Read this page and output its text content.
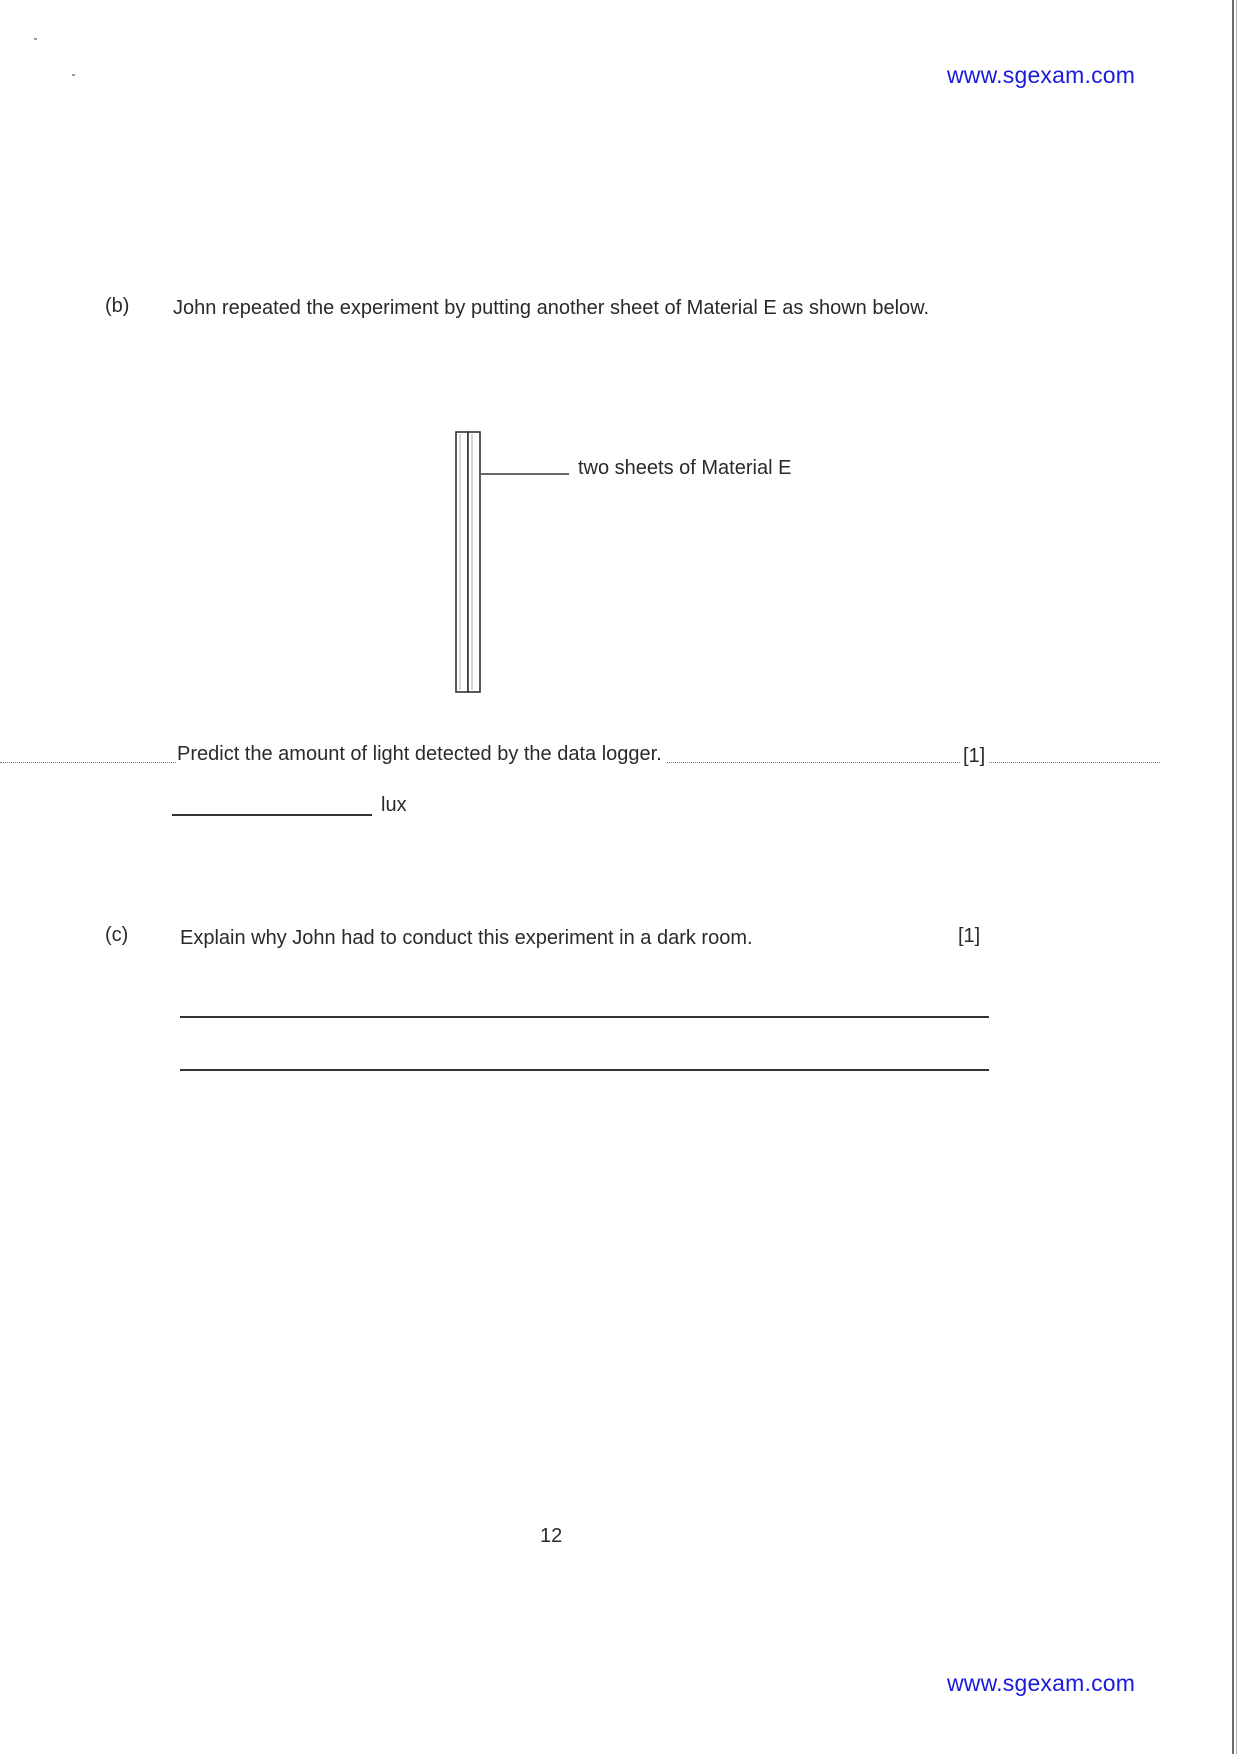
www.sgexam.com
(b) John repeated the experiment by putting another sheet of Material E as shown below.
two sheets of Material E
Predict the amount of light detected by the data logger.	[1]
lux
(c)	Explain why John had to conduct this experiment in a dark room.	[1]
12
www.sgexam.com
